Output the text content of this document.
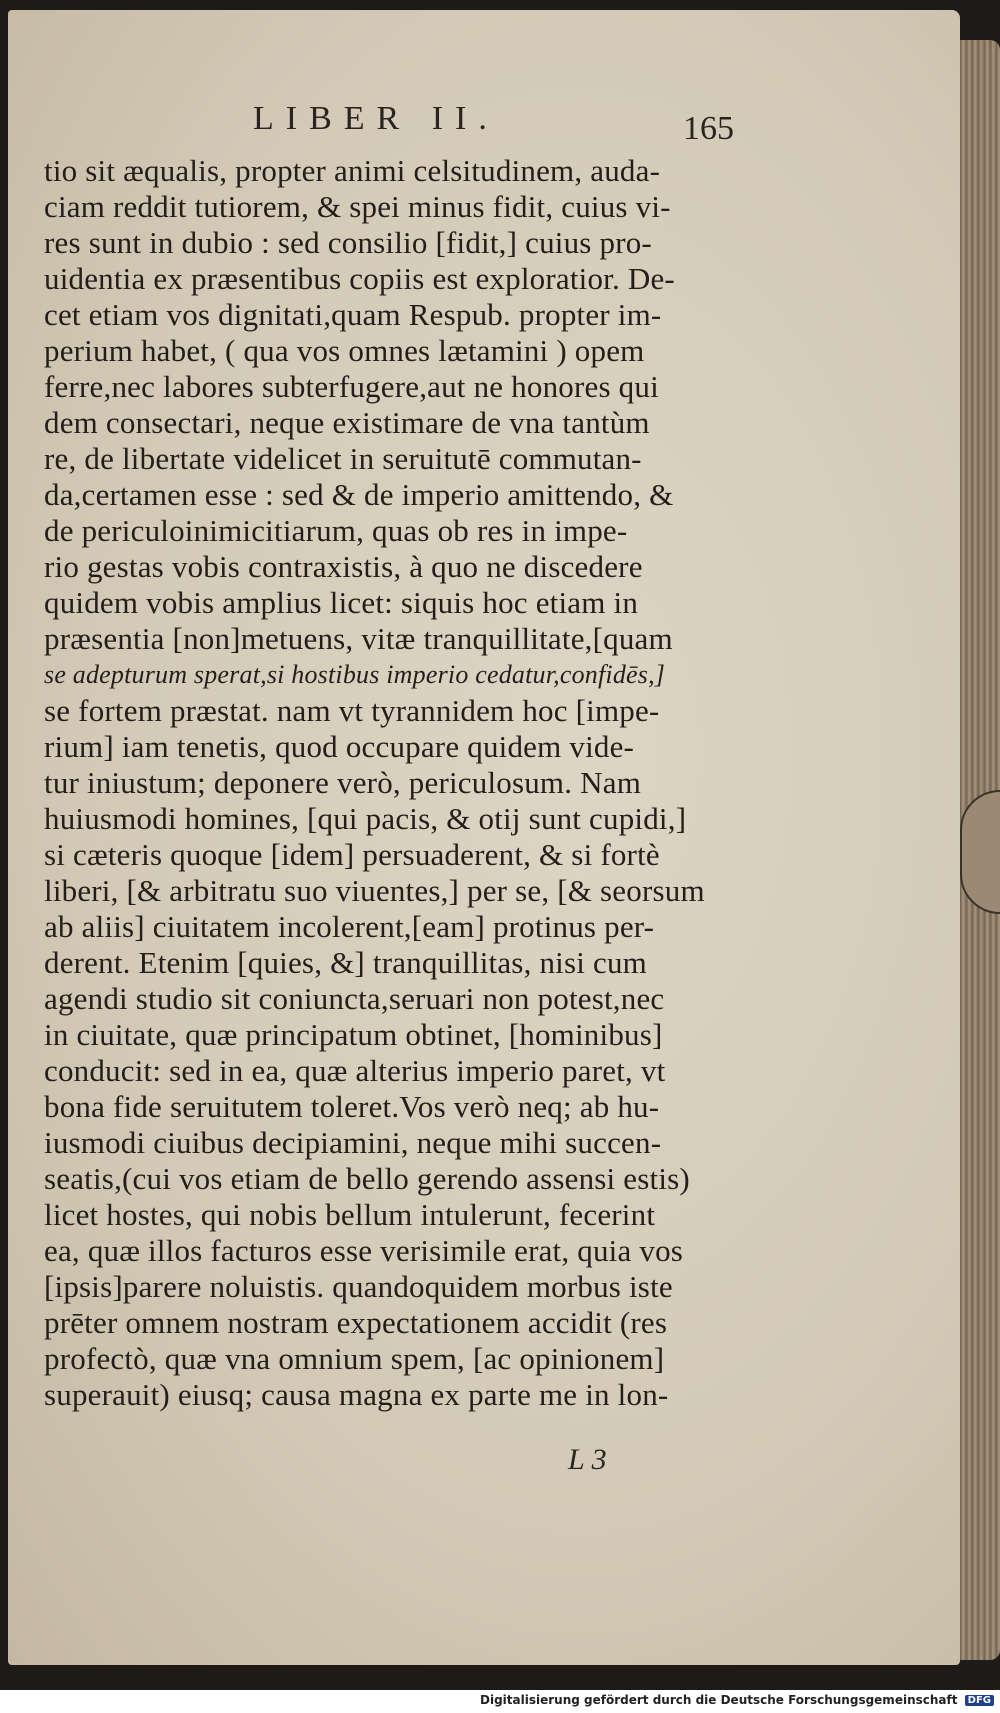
LIBER II.	165
tio sit æqualis, propter animi celsitudinem, auda-
ciam reddit tutiorem, & spei minus fidit, cuius vi-
res sunt in dubio : sed consilio [fidit,] cuius pro-
uidentia ex præsentibus copiis est exploratior. De-
cet etiam vos dignitati,quam Respub. propter im-
perium habet, ( qua vos omnes lætamini ) opem
ferre,nec labores subterfugere,aut ne honores qui
dem consectari, neque existimare de vna tantùm
re, de libertate videlicet in seruitutē commutan-
da,certamen esse : sed & de imperio amittendo, &
de periculoinimicitiarum, quas ob res in impe-
rio gestas vobis contraxistis, à quo ne discedere
quidem vobis amplius licet: siquis hoc etiam in
præsentia [non]metuens, vitæ tranquillitate,[quam
se adepturum sperat,si hostibus imperio cedatur,confidēs,]
se fortem præstat. nam vt tyrannidem hoc [impe-
rium] iam tenetis, quod occupare quidem vide-
tur iniustum; deponere verò, periculosum. Nam
huiusmodi homines, [qui pacis, & otij sunt cupidi,]
si cæteris quoque [idem] persuaderent, & si fortè
liberi, [& arbitratu suo viuentes,] per se, [& seorsum
ab aliis] ciuitatem incolerent,[eam] protinus per-
derent. Etenim [quies, &] tranquillitas, nisi cum
agendi studio sit coniuncta,seruari non potest,nec
in ciuitate, quæ principatum obtinet, [hominibus]
conducit: sed in ea, quæ alterius imperio paret, vt
bona fide seruitutem toleret.Vos verò neq; ab hu-
iusmodi ciuibus decipiamini, neque mihi succen-
seatis,(cui vos etiam de bello gerendo assensi estis)
licet hostes, qui nobis bellum intulerunt, fecerint
ea, quæ illos facturos esse verisimile erat, quia vos
[ipsis]parere noluistis. quandoquidem morbus iste
prēter omnem nostram expectationem accidit (res
profectò, quæ vna omnium spem, [ac opinionem]
superauit) eiusq; causa magna ex parte me in lon-
L 3
Digitalisierung gefördert durch die Deutsche Forschungsgemeinschaft DFG
